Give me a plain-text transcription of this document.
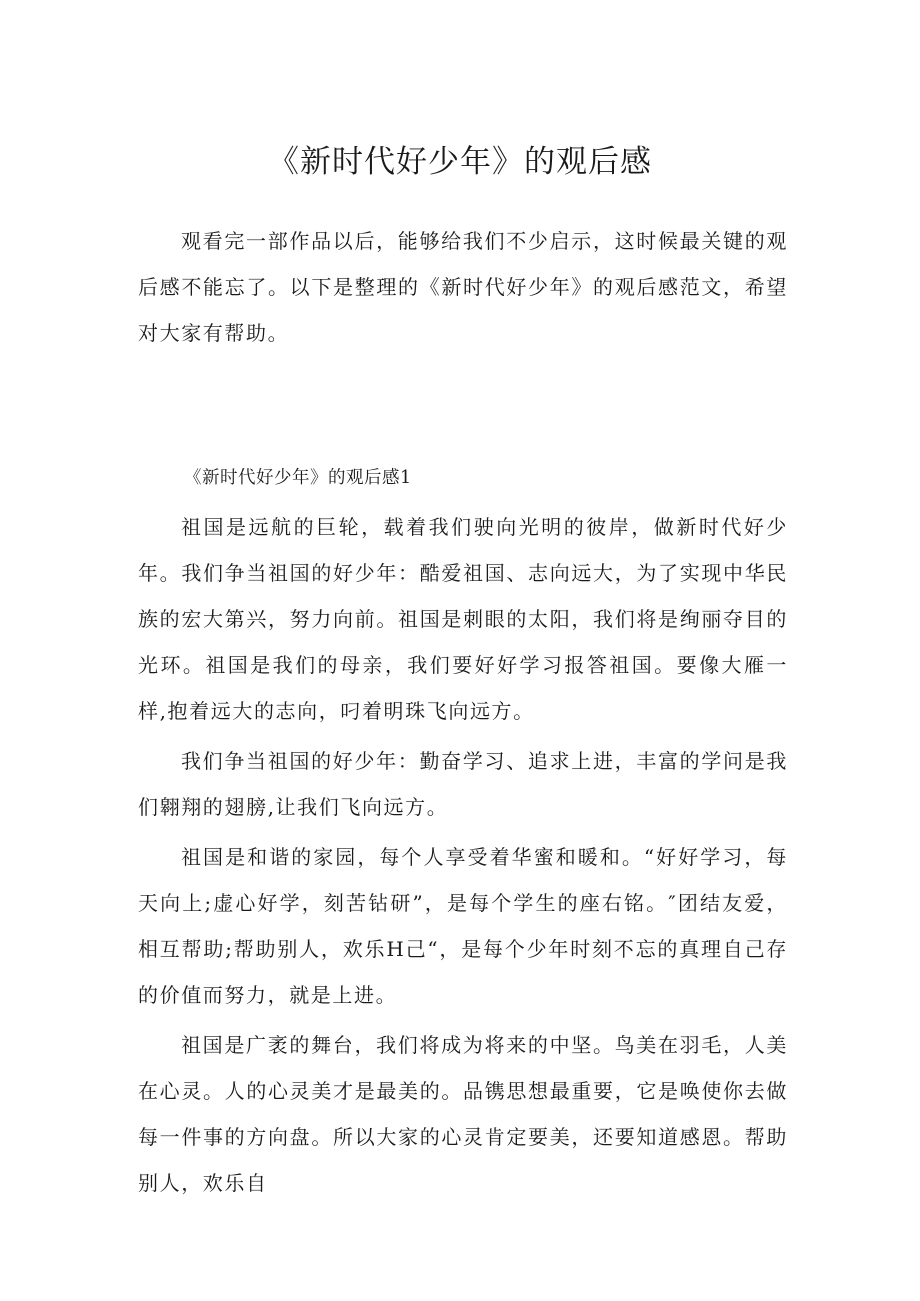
《新时代好少年》的观后感

观看完一部作品以后，能够给我们不少启示，这时候最关键的观后感不能忘了。以下是整理的《新时代好少年》的观后感范文，希望对大家有帮助。

《新时代好少年》的观后感1

祖国是远航的巨轮，载着我们驶向光明的彼岸，做新时代好少年。我们争当祖国的好少年：酷爱祖国、志向远大，为了实现中华民族的宏大第兴，努力向前。祖国是刺眼的太阳，我们将是绚丽夺目的光环。祖国是我们的母亲，我们要好好学习报答祖国。要像大雁一样,抱着远大的志向，叼着明珠飞向远方。

我们争当祖国的好少年：勤奋学习、追求上进，丰富的学问是我们翱翔的翅膀,让我们飞向远方。

祖国是和谐的家园，每个人享受着华蜜和暖和。“好好学习，每天向上;虚心好学，刻苦钻研”，是每个学生的座右铭。″团结友爱，相互帮助;帮助别人，欢乐H己“，是每个少年时刻不忘的真理自己存的价值而努力，就是上进。

祖国是广袤的舞台，我们将成为将来的中坚。鸟美在羽毛，人美在心灵。人的心灵美才是最美的。品镌思想最重要，它是唤使你去做每一件事的方向盘。所以大家的心灵肯定要美，还要知道感恩。帮助别人，欢乐自
